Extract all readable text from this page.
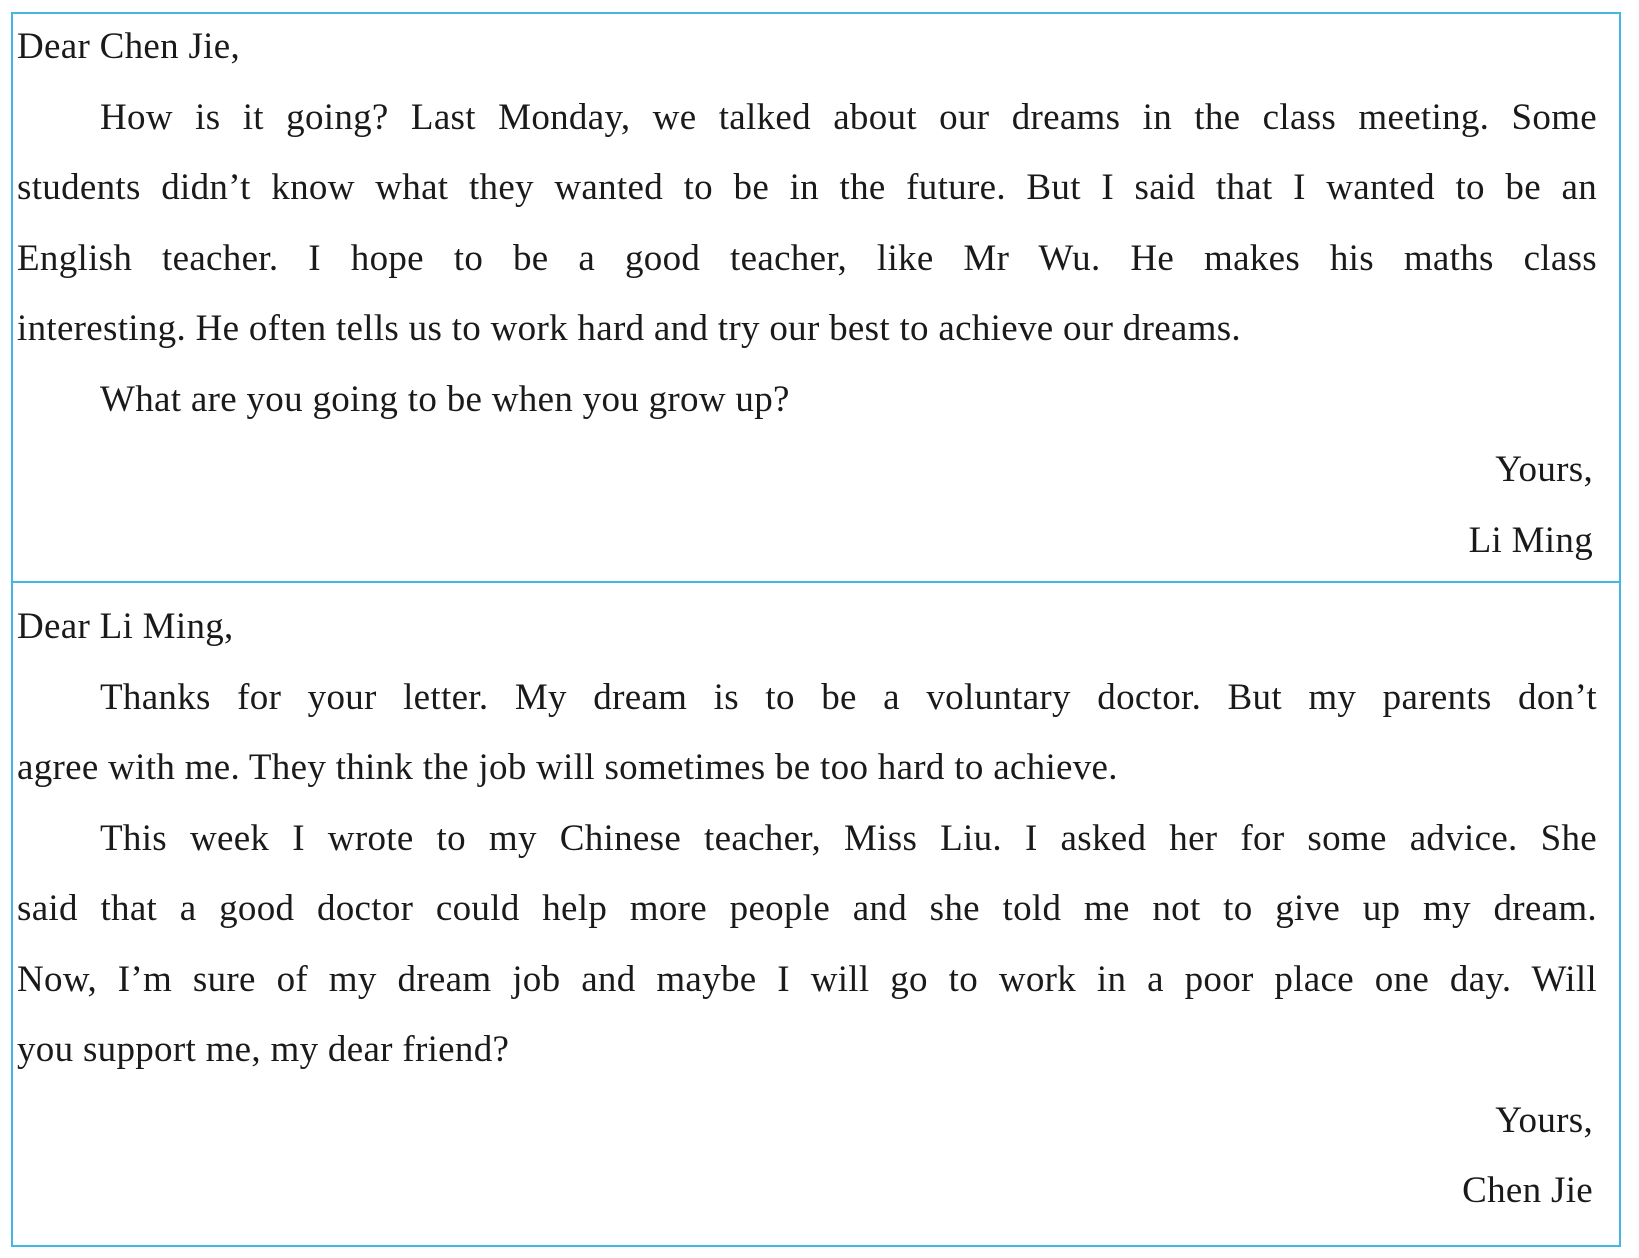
Dear Chen Jie,
How is it going? Last Monday, we talked about our dreams in the class meeting. Some
students didn’t know what they wanted to be in the future. But I said that I wanted to be an
English teacher. I hope to be a good teacher, like Mr Wu. He makes his maths class
interesting. He often tells us to work hard and try our best to achieve our dreams.
What are you going to be when you grow up?
Yours,
Li Ming
Dear Li Ming,
Thanks for your letter. My dream is to be a voluntary doctor. But my parents don’t
agree with me. They think the job will sometimes be too hard to achieve.
This week I wrote to my Chinese teacher, Miss Liu. I asked her for some advice. She
said that a good doctor could help more people and she told me not to give up my dream.
Now, I’m sure of my dream job and maybe I will go to work in a poor place one day. Will
you support me, my dear friend?
Yours,
Chen Jie
